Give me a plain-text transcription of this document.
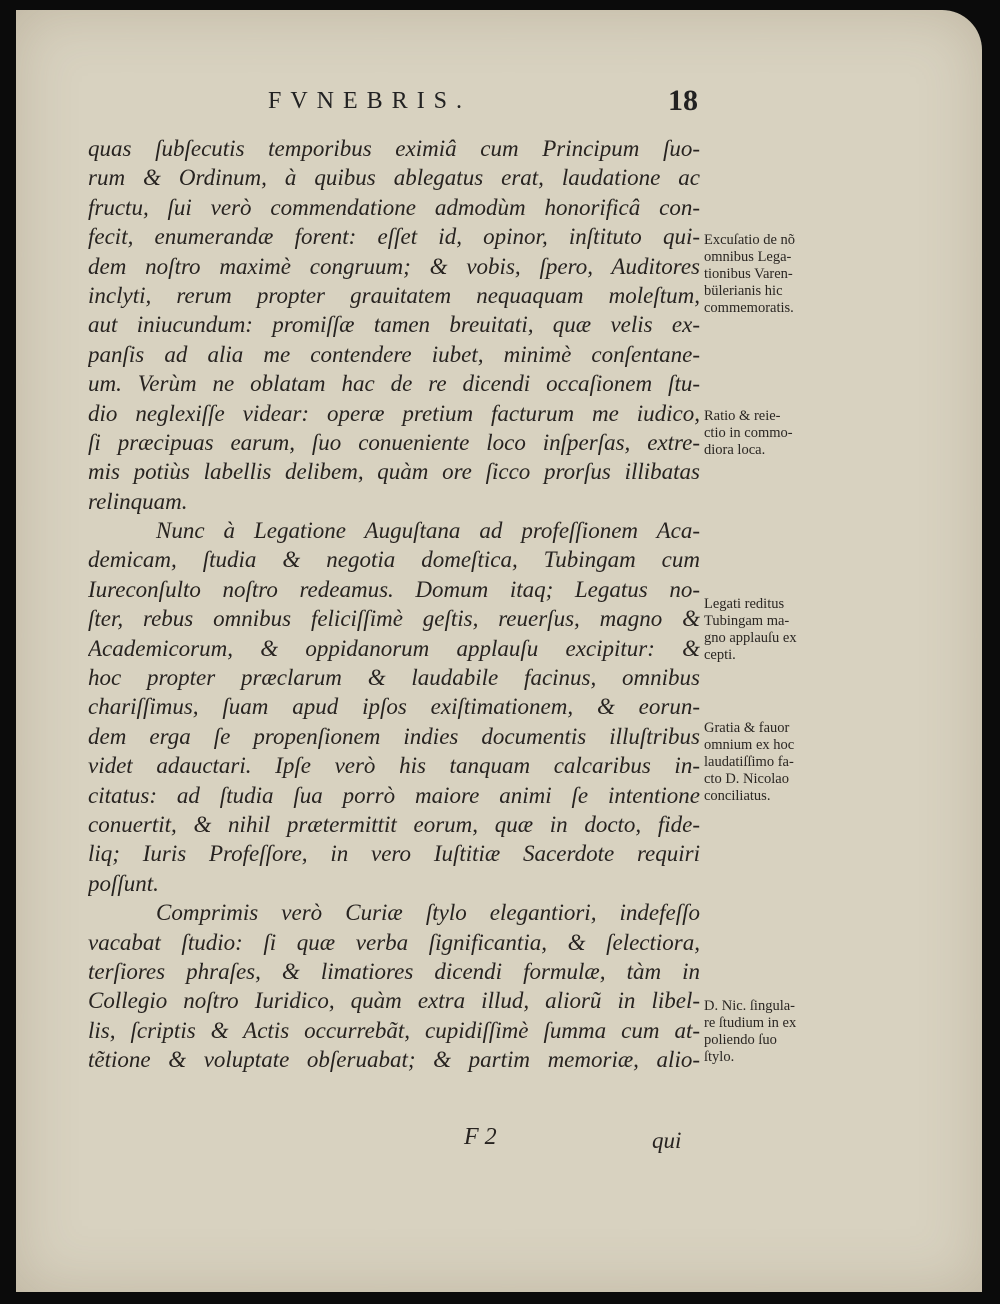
FVNEBRIS.	18
quas ſubſecutis temporibus eximiâ cum Principum ſuo-
rum & Ordinum, à quibus ablegatus erat, laudatione ac
fructu, ſui verò commendatione admodùm honorificâ con-
fecit, enumerandæ forent: eſſet id, opinor, inſtituto qui-
dem noſtro maximè congruum; & vobis, ſpero, Auditores
inclyti, rerum propter grauitatem nequaquam moleſtum,
aut iniucundum: promiſſæ tamen breuitati, quæ velis ex-
panſis ad alia me contendere iubet, minimè conſentane-
um. Verùm ne oblatam hac de re dicendi occaſionem ſtu-
dio neglexiſſe videar: operæ pretium facturum me iudico,
ſi præcipuas earum, ſuo conueniente loco inſperſas, extre-
mis potiùs labellis delibem, quàm ore ſicco prorſus illibatas
relinquam.
Nunc à Legatione Auguſtana ad profeſſionem Aca-
demicam, ſtudia & negotia domeſtica, Tubingam cum
Iureconſulto noſtro redeamus. Domum itaq; Legatus no-
ſter, rebus omnibus feliciſſimè geſtis, reuerſus, magno &
Academicorum, & oppidanorum applauſu excipitur: &
hoc propter præclarum & laudabile facinus, omnibus
chariſſimus, ſuam apud ipſos exiſtimationem, & eorun-
dem erga ſe propenſionem indies documentis illuſtribus
videt adauctari. Ipſe verò his tanquam calcaribus in-
citatus: ad ſtudia ſua porrò maiore animi ſe intentione
conuertit, & nihil prætermittit eorum, quæ in docto, fide-
liq; Iuris Profeſſore, in vero Iuſtitiæ Sacerdote requiri
poſſunt.
Comprimis verò Curiæ ſtylo elegantiori, indefeſſo
vacabat ſtudio: ſi quæ verba ſignificantia, & ſelectiora,
terſiores phraſes, & limatiores dicendi formulæ, tàm in
Collegio noſtro Iuridico, quàm extra illud, aliorũ in libel-
lis, ſcriptis & Actis occurrebãt, cupidiſſimè ſumma cum at-
tẽtione & voluptate obſeruabat; & partim memoriæ, alio-
Excuſatio de nõ
omnibus Lega-
tionibus Varen-
bülerianis hic
commemoratis.
Ratio & reie-
ctio in commo-
diora loca.
Legati reditus
Tubingam ma-
gno applauſu ex
cepti.
Gratia & fauor
omnium ex hoc
laudatiſſimo fa-
cto D. Nicolao
conciliatus.
D. Nic. ſingula-
re ſtudium in ex
poliendo ſuo
ſtylo.
F 2	qui
